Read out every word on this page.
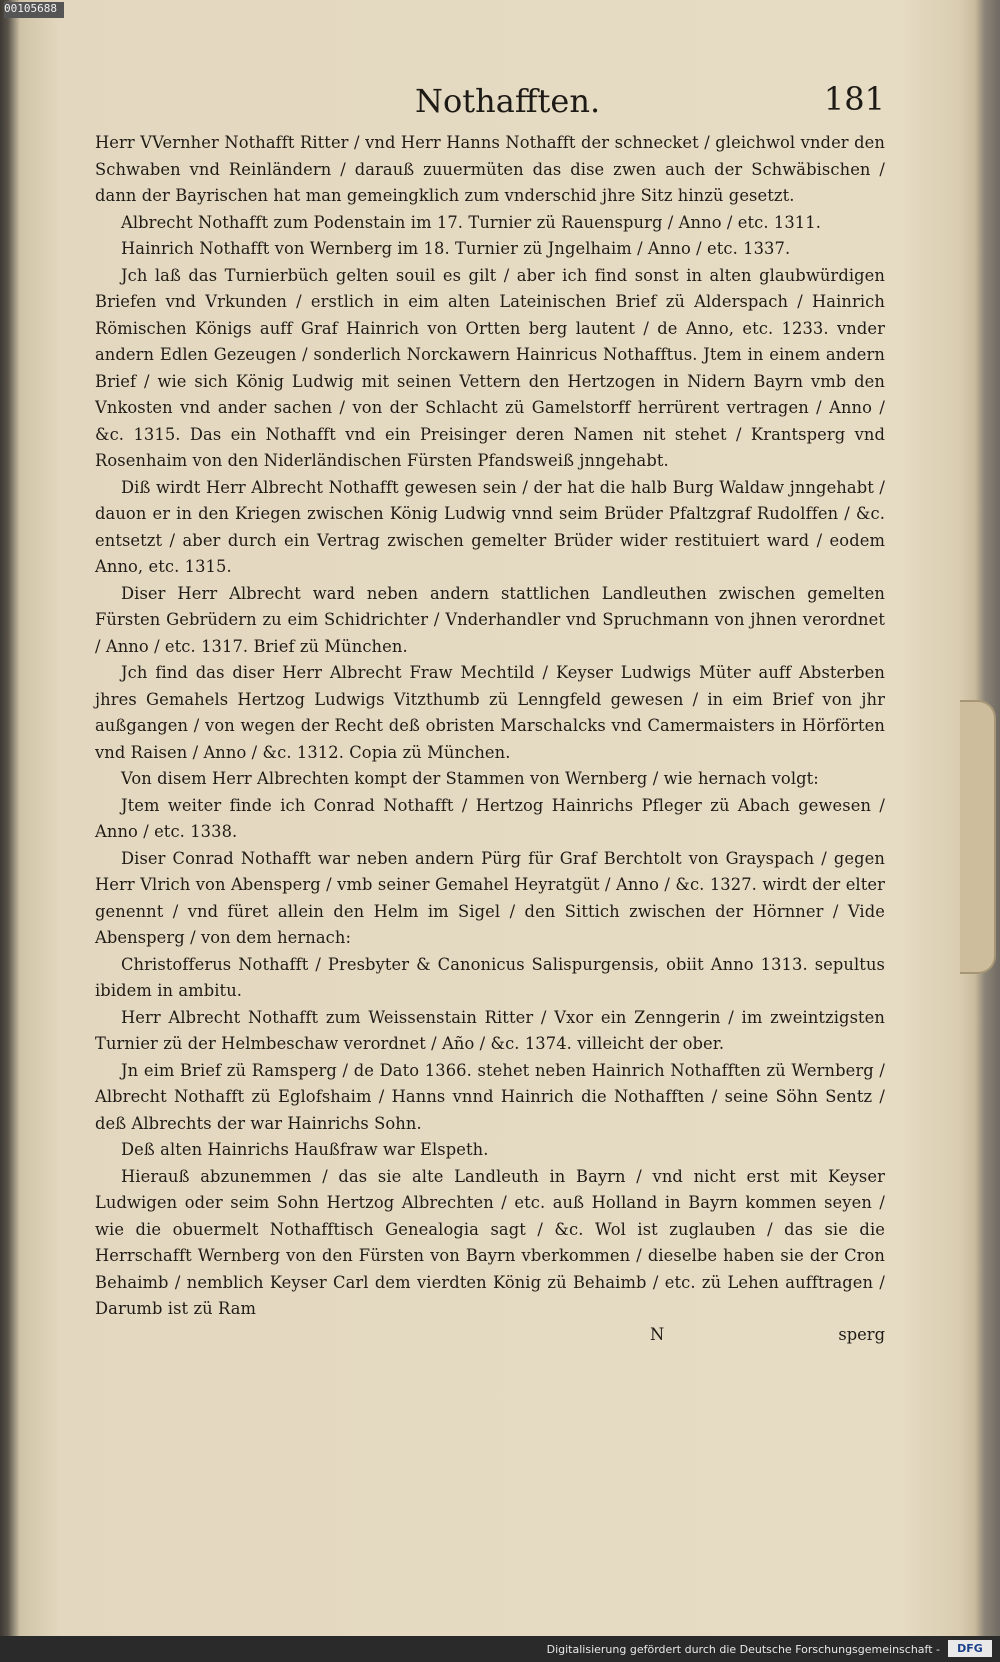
00105688
Nothafften.	181

Herr VVernher Nothafft Ritter / vnd Herr Hanns Nothafft der schnecket / gleichwol vnder den Schwaben vnd Reinländern / darauß zuuermüten das dise zwen auch der Schwäbischen / dann der Bayrischen hat man gemeingklich zum vnderschid jhre Sitz hinzü gesetzt.

Albrecht Nothafft zum Podenstain im 17. Turnier zü Rauenspurg / Anno / etc. 1311.

Hainrich Nothafft von Wernberg im 18. Turnier zü Jngelhaim / Anno / etc. 1337.

Jch laß das Turnierbüch gelten souil es gilt / aber ich find sonst in alten glaubwürdigen Briefen vnd Vrkunden / erstlich in eim alten Lateinischen Brief zü Alderspach / Hainrich Römischen Königs auff Graf Hainrich von Ortten berg lautent / de Anno, etc. 1233. vnder andern Edlen Gezeugen / sonderlich Norckawern Hainricus Nothafftus. Jtem in einem andern Brief / wie sich König Ludwig mit seinen Vettern den Hertzogen in Nidern Bayrn vmb den Vnkosten vnd ander sachen / von der Schlacht zü Gamelstorff herrürent vertragen / Anno / &c. 1315. Das ein Nothafft vnd ein Preisinger deren Namen nit stehet / Krantsperg vnd Rosenhaim von den Niderländischen Fürsten Pfandsweiß jnngehabt.

Diß wirdt Herr Albrecht Nothafft gewesen sein / der hat die halb Burg Waldaw jnngehabt / dauon er in den Kriegen zwischen König Ludwig vnnd seim Brüder Pfaltzgraf Rudolffen / &c. entsetzt / aber durch ein Vertrag zwischen gemelter Brüder wider restituiert ward / eodem Anno, etc. 1315.

Diser Herr Albrecht ward neben andern stattlichen Landleuthen zwischen gemelten Fürsten Gebrüdern zu eim Schidrichter / Vnderhandler vnd Spruchmann von jhnen verordnet / Anno / etc. 1317. Brief zü München.

Jch find das diser Herr Albrecht Fraw Mechtild / Keyser Ludwigs Müter auff Absterben jhres Gemahels Hertzog Ludwigs Vitzthumb zü Lenngfeld gewesen / in eim Brief von jhr außgangen / von wegen der Recht deß obristen Marschalcks vnd Camermaisters in Hörförten vnd Raisen / Anno / &c. 1312. Copia zü München.

Von disem Herr Albrechten kompt der Stammen von Wernberg / wie hernach volgt:

Jtem weiter finde ich Conrad Nothafft / Hertzog Hainrichs Pfleger zü Abach gewesen / Anno / etc. 1338.

Diser Conrad Nothafft war neben andern Pürg für Graf Berchtolt von Grayspach / gegen Herr Vlrich von Abensperg / vmb seiner Gemahel Heyratgüt / Anno / &c. 1327. wirdt der elter genennt / vnd füret allein den Helm im Sigel / den Sittich zwischen der Hörnner / Vide Abensperg / von dem hernach:

Christofferus Nothafft / Presbyter & Canonicus Salispurgensis, obiit Anno 1313. sepultus ibidem in ambitu.

Herr Albrecht Nothafft zum Weissenstain Ritter / Vxor ein Zenngerin / im zweintzigsten Turnier zü der Helmbeschaw verordnet / Año / &c. 1374. villeicht der ober.

Jn eim Brief zü Ramsperg / de Dato 1366. stehet neben Hainrich Nothafften zü Wernberg / Albrecht Nothafft zü Eglofshaim / Hanns vnnd Hainrich die Nothafften / seine Söhn Sentz / deß Albrechts der war Hainrichs Sohn.

Deß alten Hainrichs Haußfraw war Elspeth.

Hierauß abzunemmen / das sie alte Landleuth in Bayrn / vnd nicht erst mit Keyser Ludwigen oder seim Sohn Hertzog Albrechten / etc. auß Holland in Bayrn kommen seyen / wie die obuermelt Nothafftisch Genealogia sagt / &c. Wol ist zuglauben / das sie die Herrschafft Wernberg von den Fürsten von Bayrn vberkommen / dieselbe haben sie der Cron Behaimb / nemblich Keyser Carl dem vierdten König zü Behaimb / etc. zü Lehen aufftragen / Darumb ist zü Ram

N	sperg
Digitalisierung gefördert durch die Deutsche Forschungsgemeinschaft -	DFG
